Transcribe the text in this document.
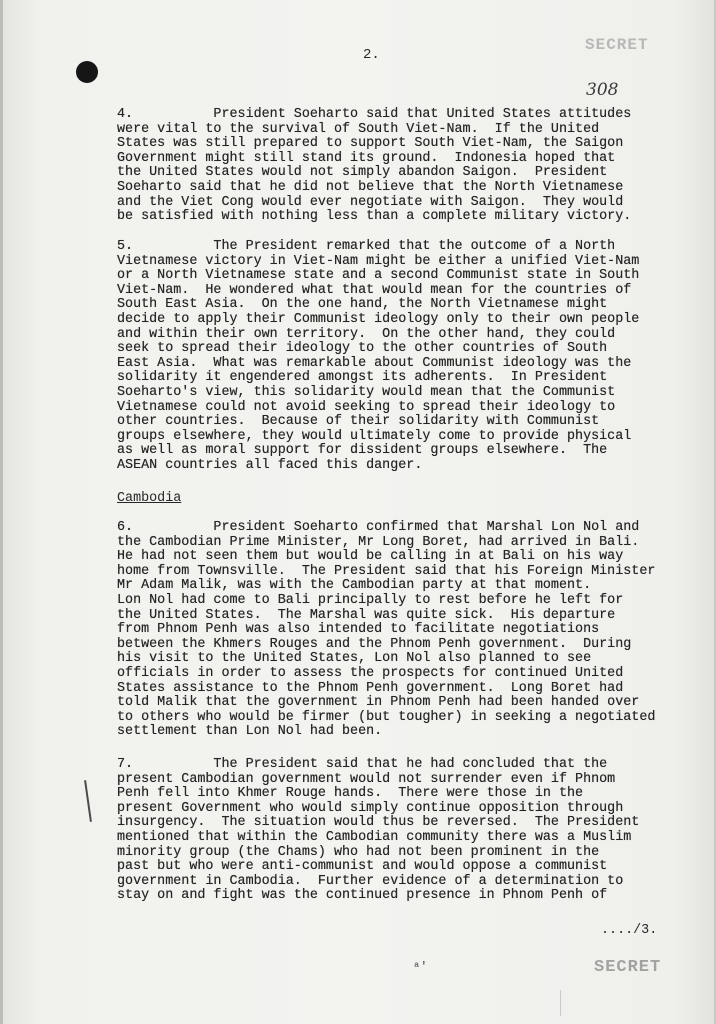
2.
SECRET
308
4.          President Soeharto said that United States attitudes
were vital to the survival of South Viet-Nam.  If the United
States was still prepared to support South Viet-Nam, the Saigon
Government might still stand its ground.  Indonesia hoped that
the United States would not simply abandon Saigon.  President
Soeharto said that he did not believe that the North Vietnamese
and the Viet Cong would ever negotiate with Saigon.  They would
be satisfied with nothing less than a complete military victory.
5.          The President remarked that the outcome of a North
Vietnamese victory in Viet-Nam might be either a unified Viet-Nam
or a North Vietnamese state and a second Communist state in South
Viet-Nam.  He wondered what that would mean for the countries of
South East Asia.  On the one hand, the North Vietnamese might
decide to apply their Communist ideology only to their own people
and within their own territory.  On the other hand, they could
seek to spread their ideology to the other countries of South
East Asia.  What was remarkable about Communist ideology was the
solidarity it engendered amongst its adherents.  In President
Soeharto's view, this solidarity would mean that the Communist
Vietnamese could not avoid seeking to spread their ideology to
other countries.  Because of their solidarity with Communist
groups elsewhere, they would ultimately come to provide physical
as well as moral support for dissident groups elsewhere.  The
ASEAN countries all faced this danger.
Cambodia
6.          President Soeharto confirmed that Marshal Lon Nol and
the Cambodian Prime Minister, Mr Long Boret, had arrived in Bali.
He had not seen them but would be calling in at Bali on his way
home from Townsville.  The President said that his Foreign Minister
Mr Adam Malik, was with the Cambodian party at that moment.
Lon Nol had come to Bali principally to rest before he left for
the United States.  The Marshal was quite sick.  His departure
from Phnom Penh was also intended to facilitate negotiations
between the Khmers Rouges and the Phnom Penh government.  During
his visit to the United States, Lon Nol also planned to see
officials in order to assess the prospects for continued United
States assistance to the Phnom Penh government.  Long Boret had
told Malik that the government in Phnom Penh had been handed over
to others who would be firmer (but tougher) in seeking a negotiated
settlement than Lon Nol had been.
7.          The President said that he had concluded that the
present Cambodian government would not surrender even if Phnom
Penh fell into Khmer Rouge hands.  There were those in the
present Government who would simply continue opposition through
insurgency.  The situation would thus be reversed.  The President
mentioned that within the Cambodian community there was a Muslim
minority group (the Chams) who had not been prominent in the
past but who were anti-communist and would oppose a communist
government in Cambodia.  Further evidence of a determination to
stay on and fight was the continued presence in Phnom Penh of
ᵃ'
..../3.
SECRET
